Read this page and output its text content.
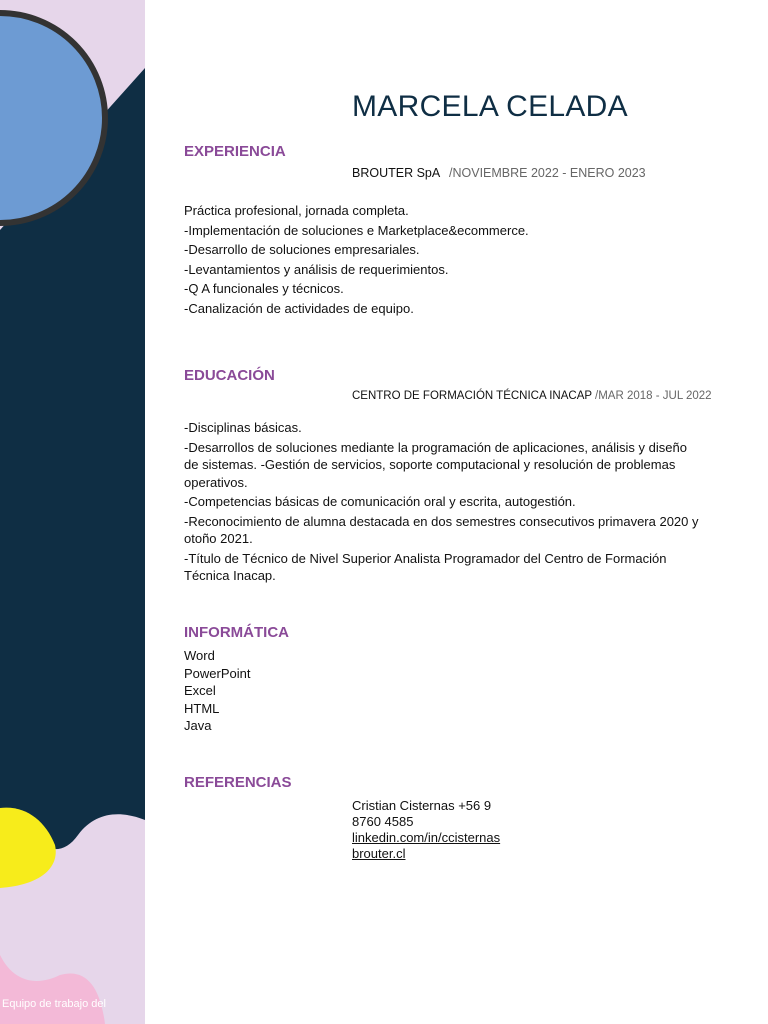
Equipo de trabajo del
MARCELA CELADA
EXPERIENCIA
BROUTER SpA /NOVIEMBRE 2022 - ENERO 2023
Práctica profesional, jornada completa.
-Implementación de soluciones e Marketplace&ecommerce.
-Desarrollo de soluciones empresariales.
-Levantamientos y análisis de requerimientos.
-Q A funcionales y técnicos.
-Canalización de actividades de equipo.
EDUCACIÓN
CENTRO DE FORMACIÓN TÉCNICA INACAP /MAR 2018 - JUL 2022
-Disciplinas básicas.
-Desarrollos de soluciones mediante la programación de aplicaciones, análisis y diseño de sistemas. -Gestión de servicios, soporte computacional y resolución de problemas operativos.
-Competencias básicas de comunicación oral y escrita, autogestión.
-Reconocimiento de alumna destacada en dos semestres consecutivos primavera 2020 y otoño 2021.
-Título de Técnico de Nivel Superior Analista Programador del Centro de Formación Técnica Inacap.
INFORMÁTICA
Word
PowerPoint
Excel
HTML
Java
REFERENCIAS
Cristian Cisternas +56 9 8760 4585
linkedin.com/in/ccisternas
brouter.cl
